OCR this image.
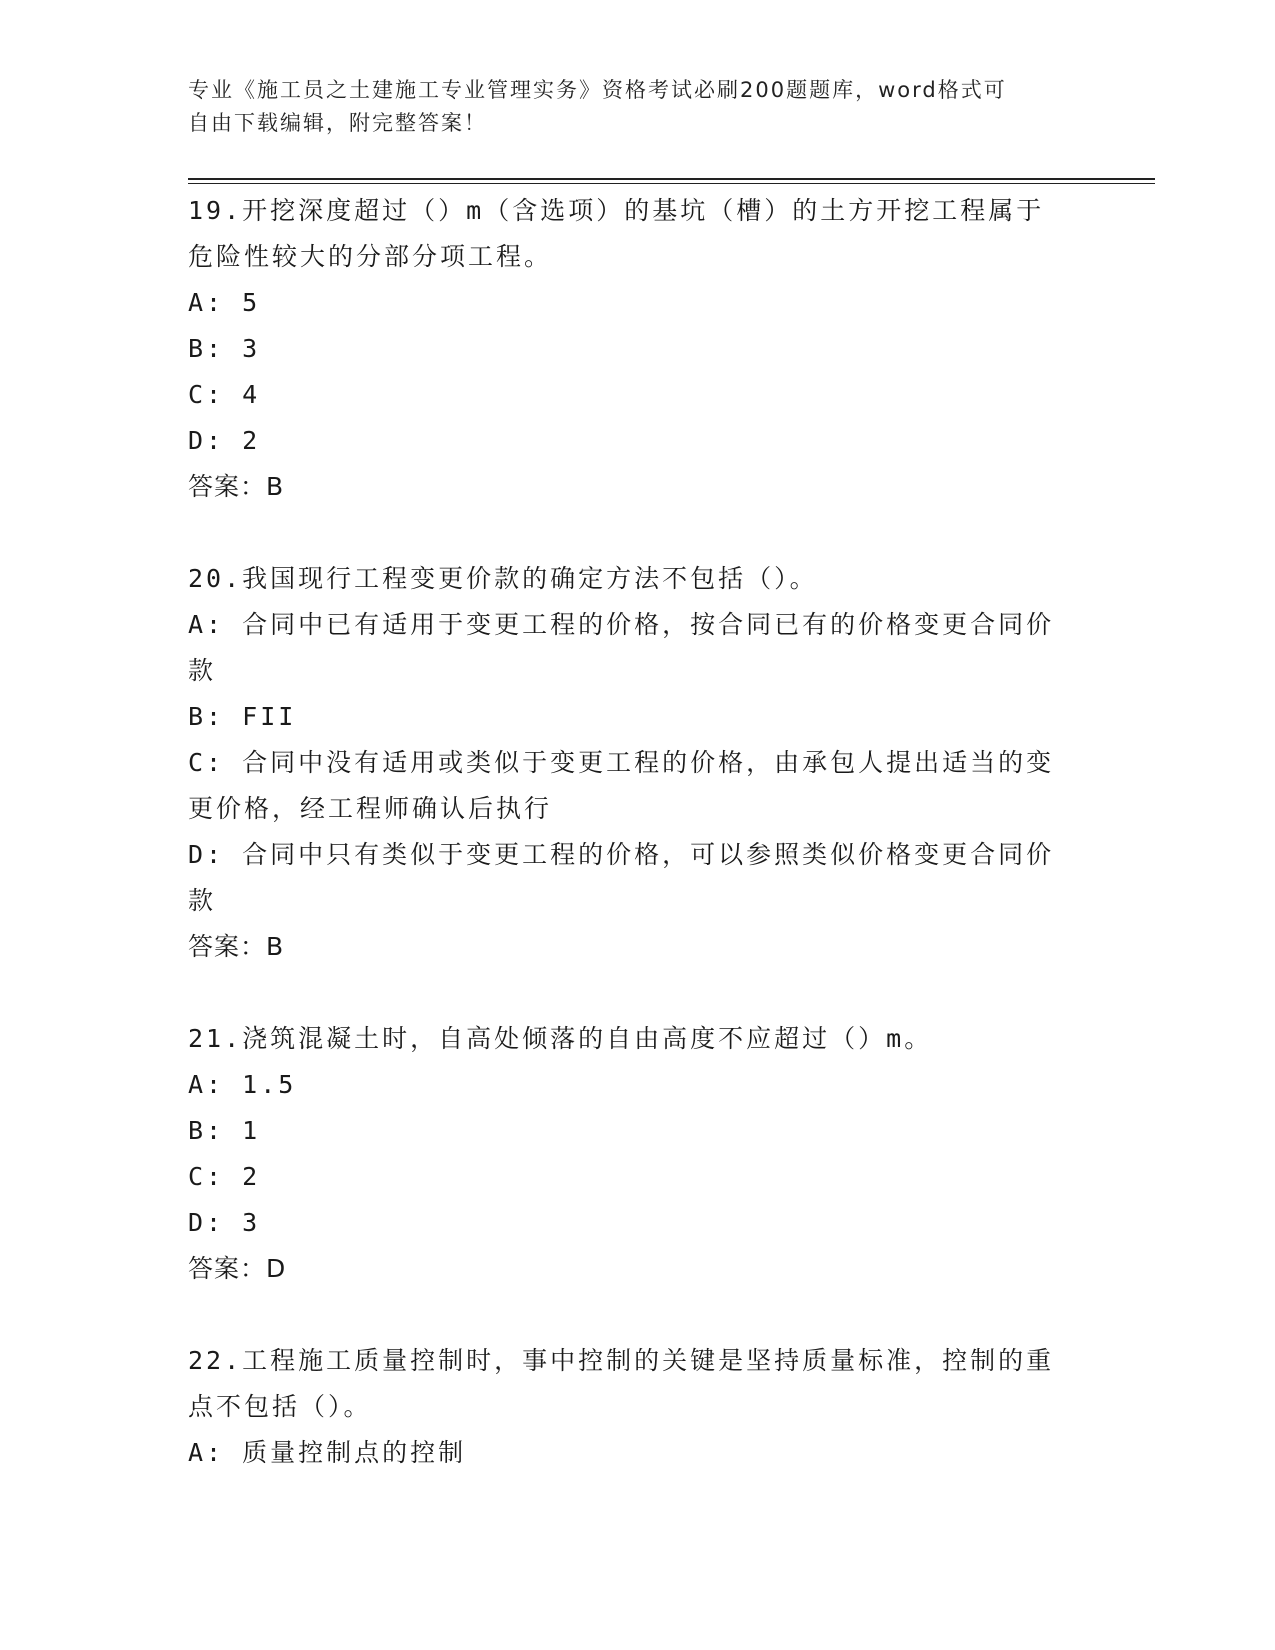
专业《施工员之土建施工专业管理实务》资格考试必刷200题题库，word格式可
自由下载编辑，附完整答案！

19.开挖深度超过（）m（含选项）的基坑（槽）的土方开挖工程属于

危险性较大的分部分项工程。

A: 5

B: 3

C: 4

D: 2

答案：B

20.我国现行工程变更价款的确定方法不包括（）。

A: 合同中已有适用于变更工程的价格，按合同已有的价格变更合同价

款

B: FII

C: 合同中没有适用或类似于变更工程的价格，由承包人提出适当的变

更价格，经工程师确认后执行

D: 合同中只有类似于变更工程的价格，可以参照类似价格变更合同价

款

答案：B

21.浇筑混凝土时，自高处倾落的自由高度不应超过（）m。

A: 1.5

B: 1

C: 2

D: 3

答案：D

22.工程施工质量控制时，事中控制的关键是坚持质量标准，控制的重

点不包括（）。

A: 质量控制点的控制
